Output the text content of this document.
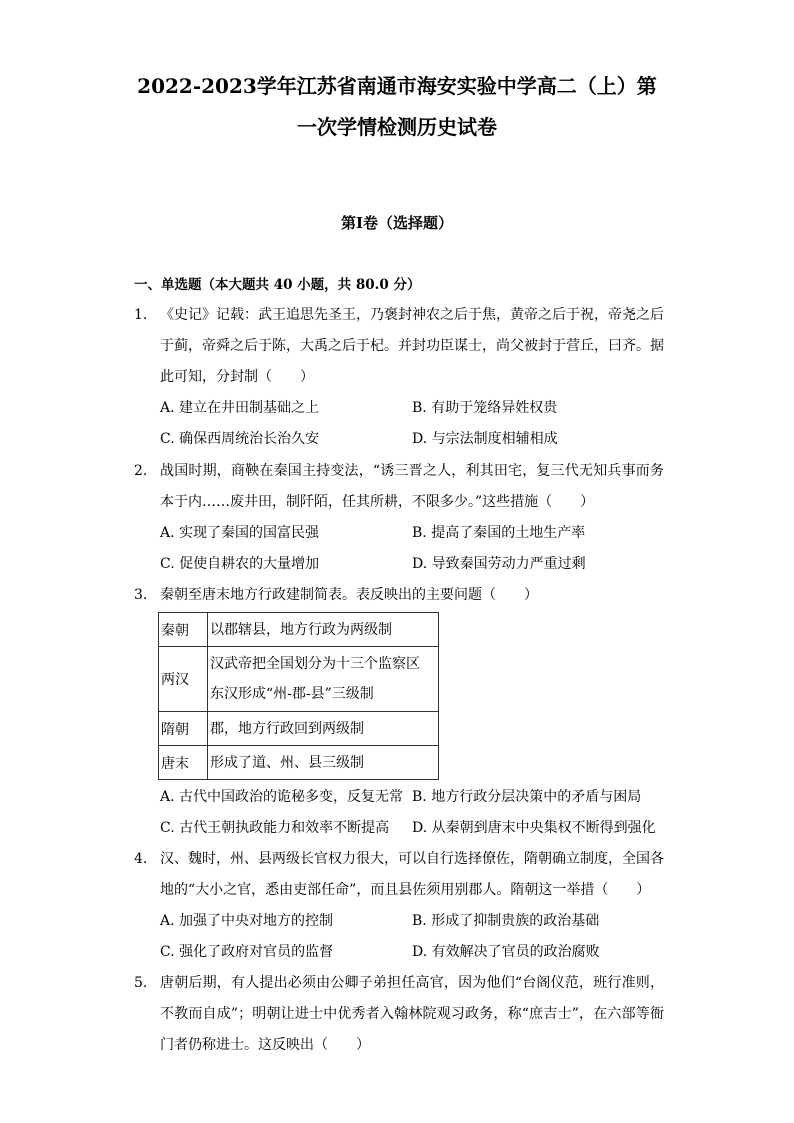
2022-2023学年江苏省南通市海安实验中学高二（上）第
一次学情检测历史试卷
第I卷（选择题）
一、单选题（本大题共 40 小题，共 80.0 分）
1. 《史记》记载：武王追思先圣王，乃褒封神农之后于焦，黄帝之后于祝，帝尧之后于蓟，帝舜之后于陈，大禹之后于杞。并封功臣谋士，尚父被封于营丘，曰齐。据此可知，分封制（　　）
A. 建立在井田制基础之上	B. 有助于笼络异姓权贵
C. 确保西周统治长治久安	D. 与宗法制度相辅相成
2. 战国时期，商鞅在秦国主持变法，“诱三晋之人，利其田宅，复三代无知兵事而务本于内……废井田，制阡陌，任其所耕，不限多少。”这些措施（　　）
A. 实现了秦国的国富民强	B. 提高了秦国的土地生产率
C. 促使自耕农的大量增加	D. 导致秦国劳动力严重过剩
3. 秦朝至唐末地方行政建制简表。表反映出的主要问题（　　）
秦朝	以郡辖县，地方行政为两级制

两汉	汉武帝把全国划分为十三个监察区
东汉形成“州-郡-县”三级制

隋朝	郡，地方行政回到两级制

唐末	形成了道、州、县三级制
A. 古代中国政治的诡秘多变，反复无常 B. 地方行政分层决策中的矛盾与困局
C. 古代王朝执政能力和效率不断提高 D. 从秦朝到唐末中央集权不断得到强化
4. 汉、魏时，州、县两级长官权力很大，可以自行选择僚佐，隋朝确立制度，全国各地的“大小之官，悉由吏部任命”，而且县佐须用别郡人。隋朝这一举措（　　）
A. 加强了中央对地方的控制	B. 形成了抑制贵族的政治基础
C. 强化了政府对官员的监督	D. 有效解决了官员的政治腐败
5. 唐朝后期，有人提出必须由公卿子弟担任高官，因为他们“台阁仪范，班行准则，不教而自成”；明朝让进士中优秀者入翰林院观习政务，称“庶吉士”，在六部等衙门者仍称进士。这反映出（　　）
